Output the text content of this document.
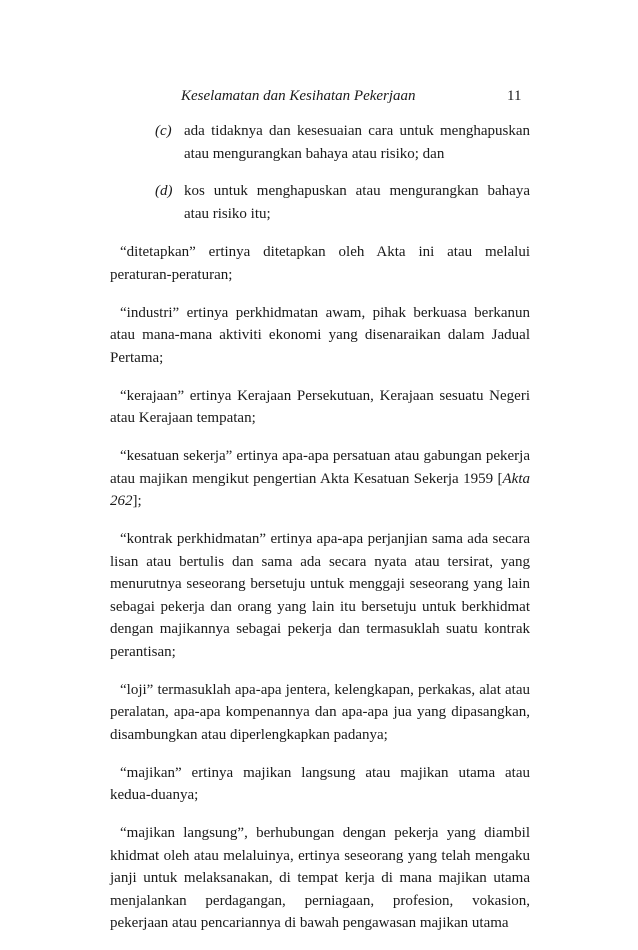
Keselamatan dan Kesihatan Pekerjaan	11
(c) ada tidaknya dan kesesuaian cara untuk menghapuskan atau mengurangkan bahaya atau risiko; dan
(d) kos untuk menghapuskan atau mengurangkan bahaya atau risiko itu;

“ditetapkan” ertinya ditetapkan oleh Akta ini atau melalui peraturan-peraturan;

“industri” ertinya perkhidmatan awam, pihak berkuasa berkanun atau mana-mana aktiviti ekonomi yang disenaraikan dalam Jadual Pertama;

“kerajaan” ertinya Kerajaan Persekutuan, Kerajaan sesuatu Negeri atau Kerajaan tempatan;

“kesatuan sekerja” ertinya apa-apa persatuan atau gabungan pekerja atau majikan mengikut pengertian Akta Kesatuan Sekerja 1959 [Akta 262];

“kontrak perkhidmatan” ertinya apa-apa perjanjian sama ada secara lisan atau bertulis dan sama ada secara nyata atau tersirat, yang menurutnya seseorang bersetuju untuk menggaji seseorang yang lain sebagai pekerja dan orang yang lain itu bersetuju untuk berkhidmat dengan majikannya sebagai pekerja dan termasuklah suatu kontrak perantisan;

“loji” termasuklah apa-apa jentera, kelengkapan, perkakas, alat atau peralatan, apa-apa kompenannya dan apa-apa jua yang dipasangkan, disambungkan atau diperlengkapkan padanya;

“majikan” ertinya majikan langsung atau majikan utama atau kedua-duanya;

“majikan langsung”, berhubungan dengan pekerja yang diambil khidmat oleh atau melaluinya, ertinya seseorang yang telah mengaku janji untuk melaksanakan, di tempat kerja di mana majikan utama menjalankan perdagangan, perniagaan, profesion, vokasion, pekerjaan atau pencariannya di bawah pengawasan majikan utama
